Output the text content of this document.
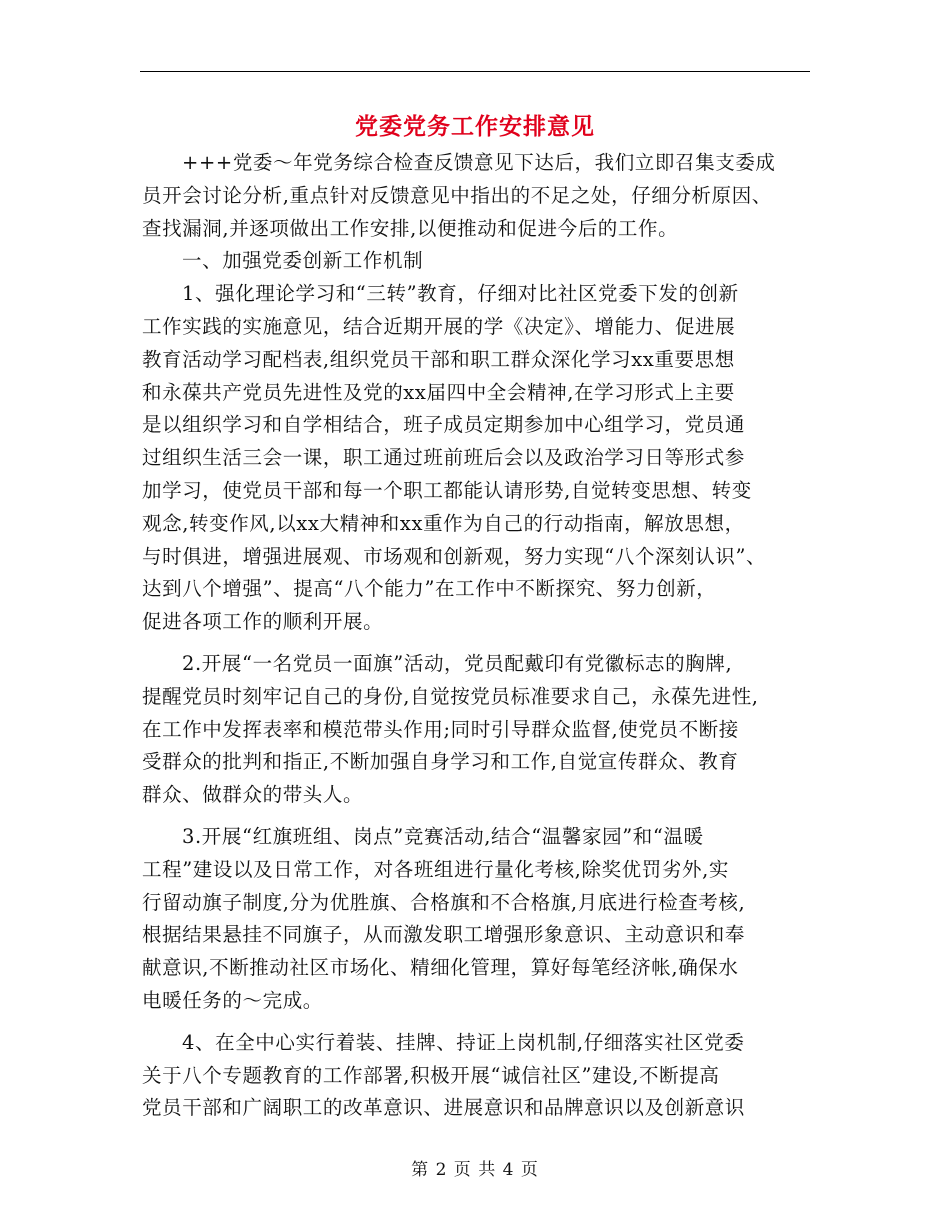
党委党务工作安排意见
+++党委～年党务综合检查反馈意见下达后，我们立即召集支委成
员开会讨论分析,重点针对反馈意见中指出的不足之处，仔细分析原因、
查找漏洞,并逐项做出工作安排,以便推动和促进今后的工作。
一、加强党委创新工作机制
1、强化理论学习和“三转”教育，仔细对比社区党委下发的创新
工作实践的实施意见，结合近期开展的学《决定》、增能力、促进展
教育活动学习配档表,组织党员干部和职工群众深化学习xx重要思想
和永葆共产党员先进性及党的xx届四中全会精神,在学习形式上主要
是以组织学习和自学相结合，班子成员定期参加中心组学习，党员通
过组织生活三会一课，职工通过班前班后会以及政治学习日等形式参
加学习，使党员干部和每一个职工都能认请形势,自觉转变思想、转变
观念,转变作风,以xx大精神和xx重作为自己的行动指南，解放思想，
与时俱进，增强进展观、市场观和创新观，努力实现“八个深刻认识”、
达到八个增强”、提高“八个能力”在工作中不断探究、努力创新，
促进各项工作的顺利开展。
2.开展“一名党员一面旗”活动，党员配戴印有党徽标志的胸牌,
提醒党员时刻牢记自己的身份,自觉按党员标准要求自己，永葆先进性,
在工作中发挥表率和模范带头作用;同时引导群众监督,使党员不断接
受群众的批判和指正,不断加强自身学习和工作,自觉宣传群众、教育
群众、做群众的带头人。
3.开展“红旗班组、岗点”竞赛活动,结合“温馨家园”和“温暖
工程”建设以及日常工作，对各班组进行量化考核,除奖优罚劣外,实
行留动旗子制度,分为优胜旗、合格旗和不合格旗,月底进行检查考核,
根据结果悬挂不同旗子，从而激发职工增强形象意识、主动意识和奉
献意识,不断推动社区市场化、精细化管理，算好每笔经济帐,确保水
电暖任务的～完成。
4、在全中心实行着装、挂牌、持证上岗机制,仔细落实社区党委
关于八个专题教育的工作部署,积极开展“诚信社区”建设,不断提高
党员干部和广阔职工的改革意识、进展意识和品牌意识以及创新意识
第 2 页 共 4 页
